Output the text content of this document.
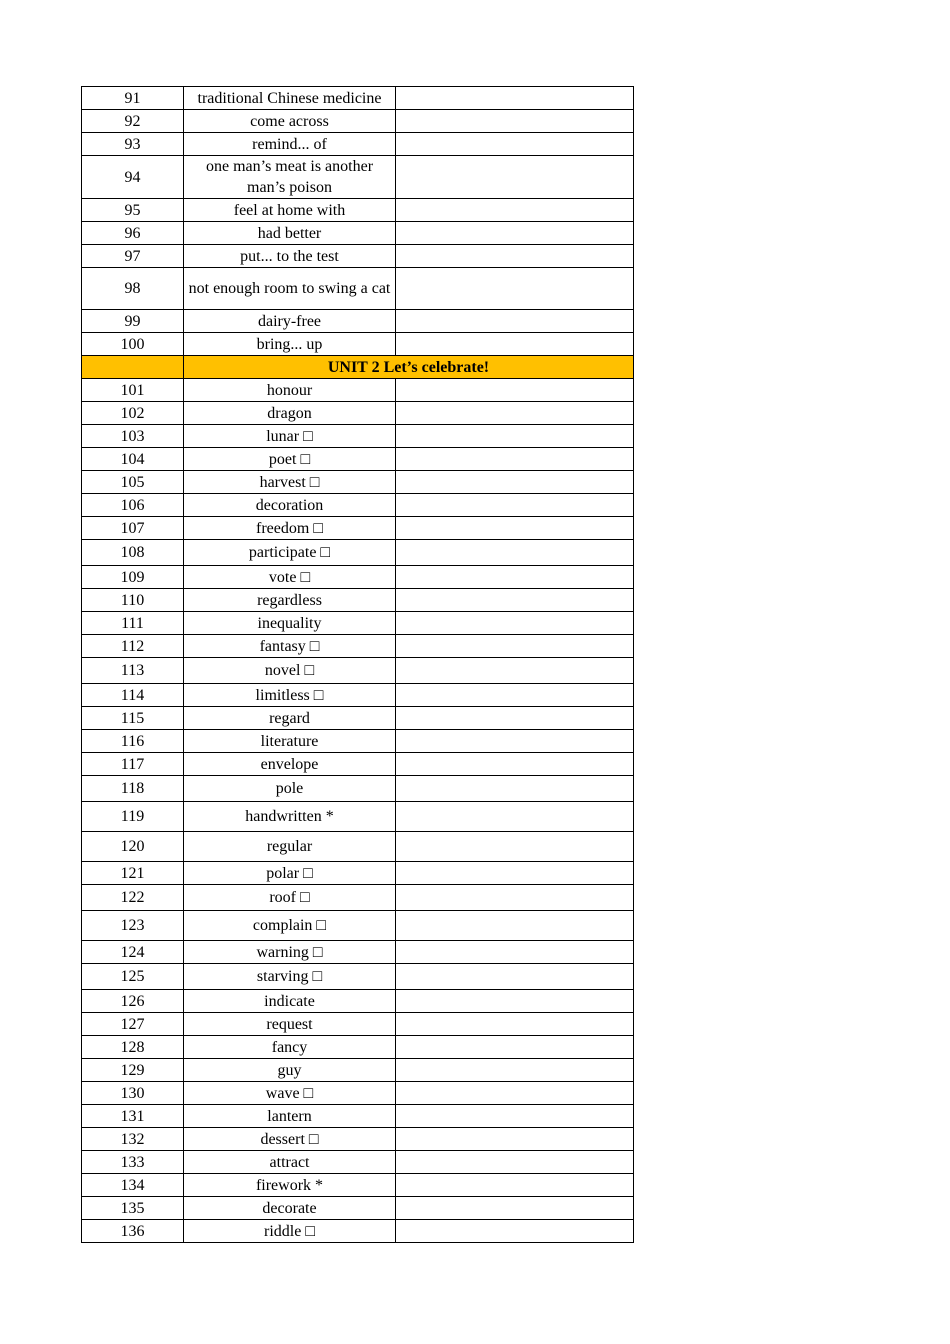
91	traditional Chinese medicine	
92	come across	
93	remind... of	
94	one man’s meat is another man’s poison	
95	feel at home with	
96	had better	
97	put... to the test	
98	not enough room to swing a cat	
99	dairy-free	
100	bring... up	
	UNIT 2 Let’s celebrate!	
101	honour	
102	dragon	
103	lunar □	
104	poet □	
105	harvest □	
106	decoration	
107	freedom □	
108	participate □	
109	vote □	
110	regardless	
111	inequality	
112	fantasy □	
113	novel □	
114	limitless □	
115	regard	
116	literature	
117	envelope	
118	pole	
119	handwritten *	
120	regular	
121	polar □	
122	roof □	
123	complain □	
124	warning □	
125	starving □	
126	indicate	
127	request	
128	fancy	
129	guy	
130	wave □	
131	lantern	
132	dessert □	
133	attract	
134	firework *	
135	decorate	
136	riddle □	
